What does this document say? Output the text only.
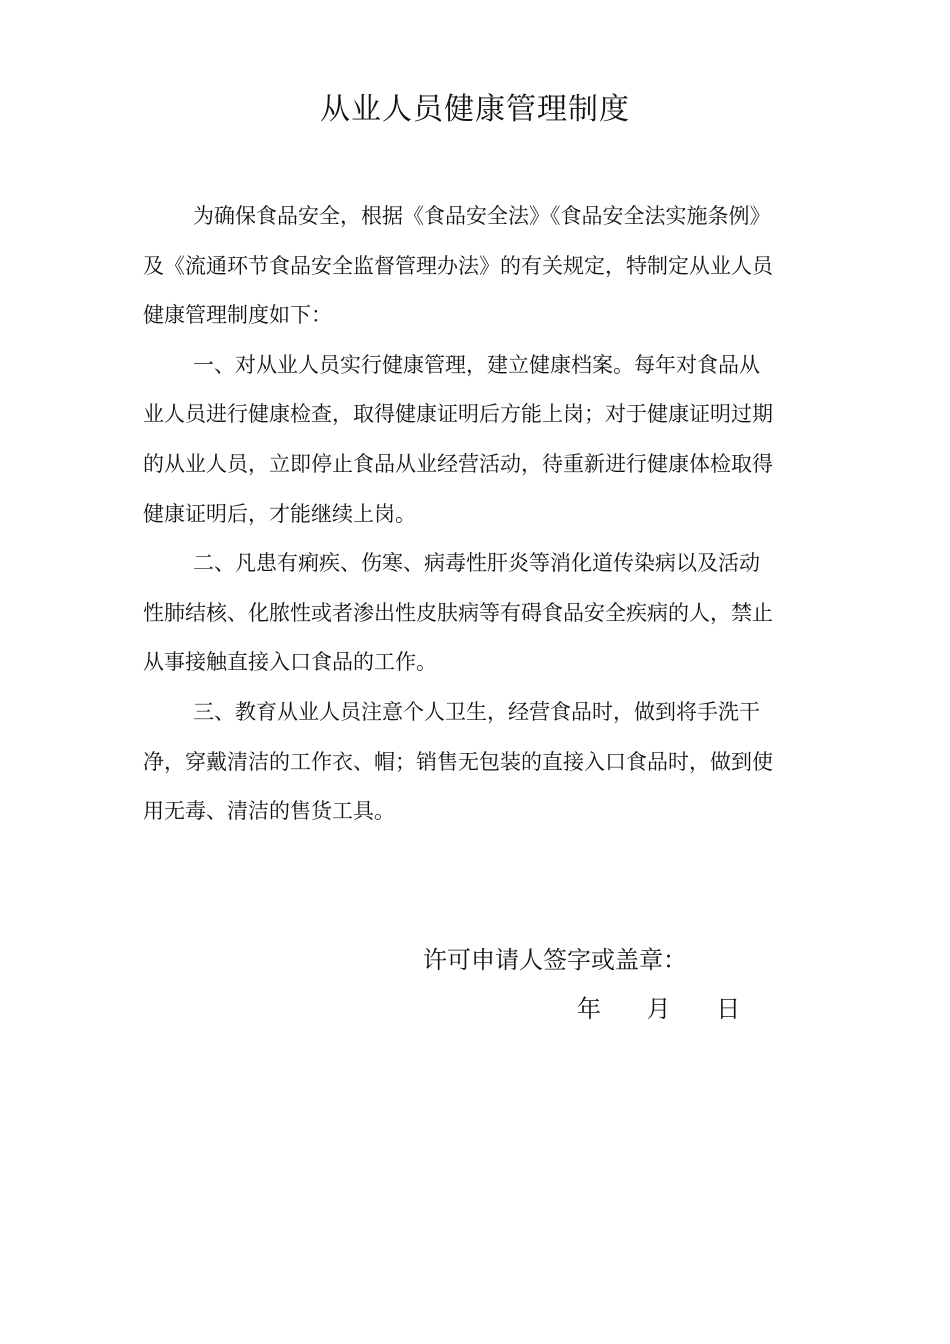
从业人员健康管理制度
为确保食品安全，根据《食品安全法》《食品安全法实施条例》
及《流通环节食品安全监督管理办法》的有关规定，特制定从业人员
健康管理制度如下：
一、对从业人员实行健康管理，建立健康档案。每年对食品从
业人员进行健康检查，取得健康证明后方能上岗；对于健康证明过期
的从业人员，立即停止食品从业经营活动，待重新进行健康体检取得
健康证明后，才能继续上岗。
二、凡患有痢疾、伤寒、病毒性肝炎等消化道传染病以及活动
性肺结核、化脓性或者渗出性皮肤病等有碍食品安全疾病的人，禁止
从事接触直接入口食品的工作。
三、教育从业人员注意个人卫生，经营食品时，做到将手洗干
净，穿戴清洁的工作衣、帽；销售无包装的直接入口食品时，做到使
用无毒、清洁的售货工具。
许可申请人签字或盖章：
年 月 日
